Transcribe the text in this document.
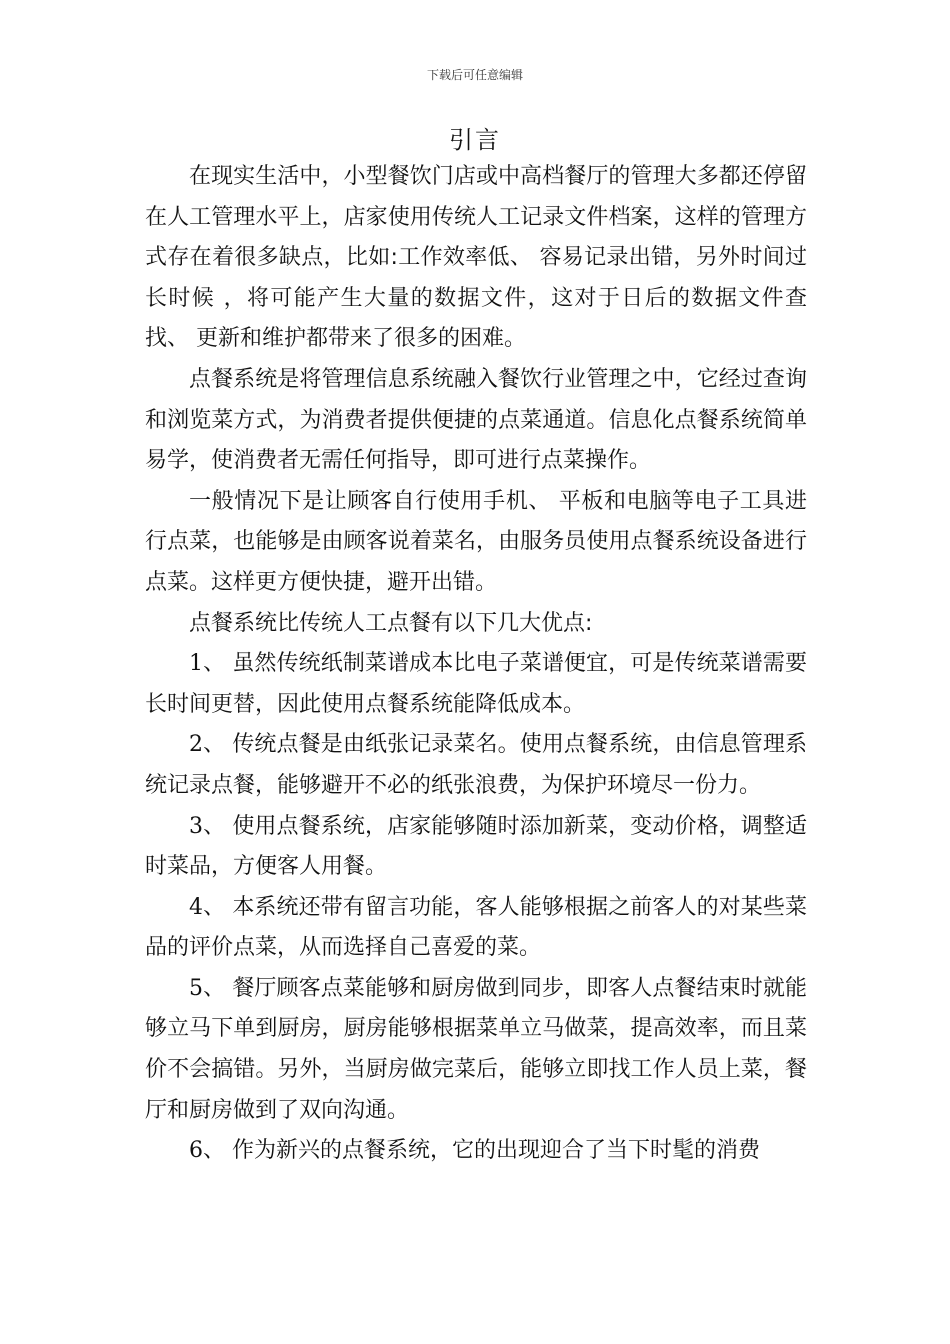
下载后可任意编辑
引言

在现实生活中，小型餐饮门店或中高档餐厅的管理大多都还停留在人工管理水平上，店家使用传统人工记录文件档案，这样的管理方式存在着很多缺点，比如:工作效率低、 容易记录出错，另外时间过长时候 ，将可能产生大量的数据文件，这对于日后的数据文件查找、 更新和维护都带来了很多的困难。

点餐系统是将管理信息系统融入餐饮行业管理之中，它经过查询和浏览菜方式，为消费者提供便捷的点菜通道。信息化点餐系统简单易学，使消费者无需任何指导，即可进行点菜操作。

一般情况下是让顾客自行使用手机、 平板和电脑等电子工具进行点菜，也能够是由顾客说着菜名，由服务员使用点餐系统设备进行点菜。这样更方便快捷，避开出错。

点餐系统比传统人工点餐有以下几大优点:

1、 虽然传统纸制菜谱成本比电子菜谱便宜，可是传统菜谱需要长时间更替，因此使用点餐系统能降低成本。

2、 传统点餐是由纸张记录菜名。使用点餐系统，由信息管理系统记录点餐，能够避开不必的纸张浪费，为保护环境尽一份力。

3、 使用点餐系统，店家能够随时添加新菜，变动价格，调整适时菜品，方便客人用餐。

4、 本系统还带有留言功能，客人能够根据之前客人的对某些菜品的评价点菜，从而选择自己喜爱的菜。

5、 餐厅顾客点菜能够和厨房做到同步，即客人点餐结束时就能够立马下单到厨房，厨房能够根据菜单立马做菜，提高效率，而且菜价不会搞错。另外，当厨房做完菜后，能够立即找工作人员上菜，餐厅和厨房做到了双向沟通。

6、 作为新兴的点餐系统，它的出现迎合了当下时髦的消费
